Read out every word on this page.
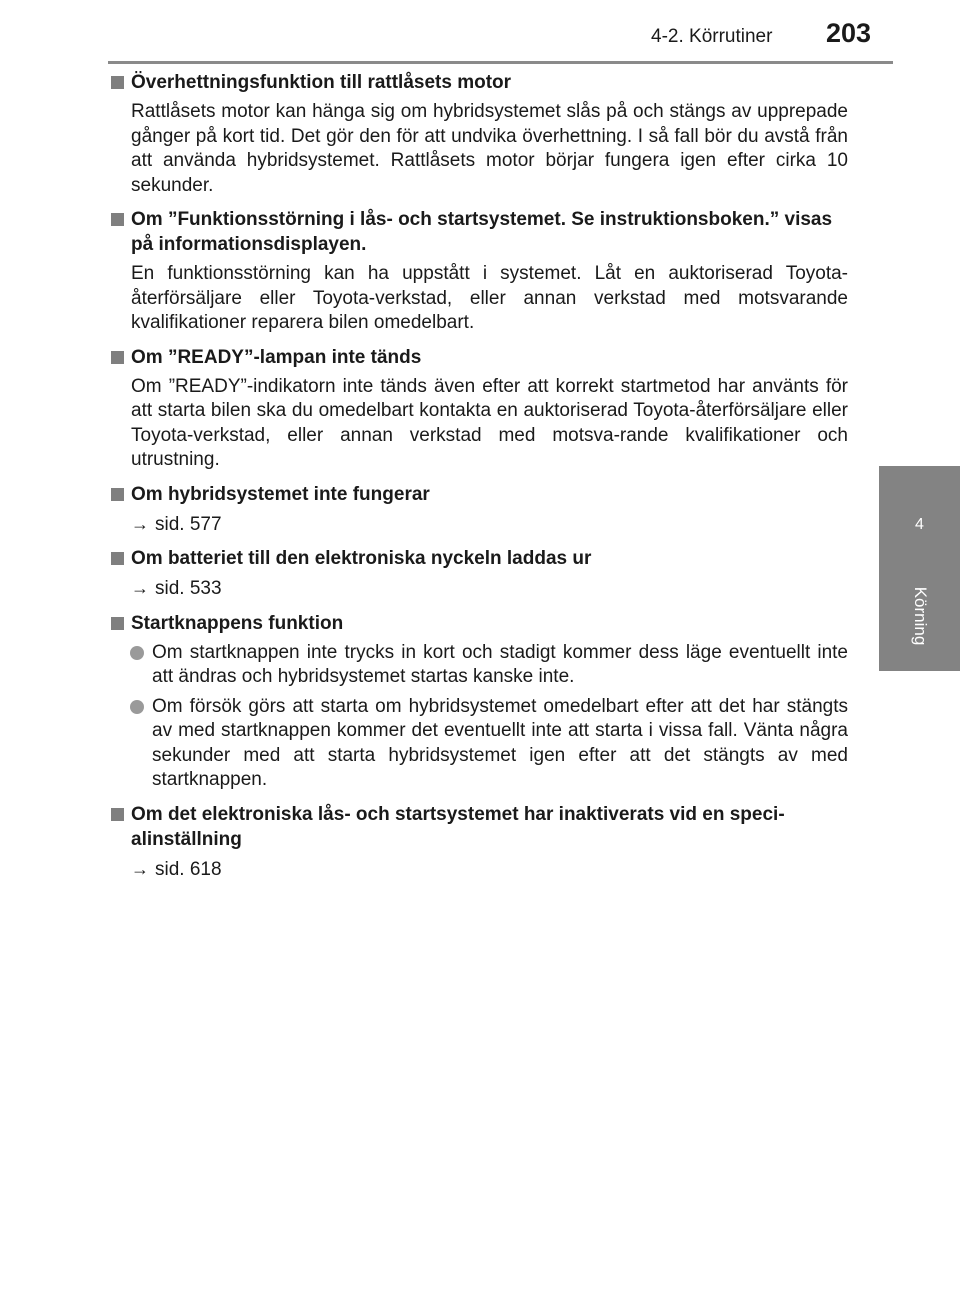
4-2. Körrutiner 203
4
Körning
Överhettningsfunktion till rattlåsets motor
Rattlåsets motor kan hänga sig om hybridsystemet slås på och stängs av upprepade gånger på kort tid. Det gör den för att undvika överhettning. I så fall bör du avstå från att använda hybridsystemet. Rattlåsets motor börjar fungera igen efter cirka 10 sekunder.
Om ”Funktionsstörning i lås- och startsystemet. Se instruktionsboken.” visas på informationsdisplayen.
En funktionsstörning kan ha uppstått i systemet. Låt en auktoriserad Toyota-återförsäljare eller Toyota-verkstad, eller annan verkstad med motsvarande kvalifikationer reparera bilen omedelbart.
Om ”READY”-lampan inte tänds
Om ”READY”-indikatorn inte tänds även efter att korrekt startmetod har använts för att starta bilen ska du omedelbart kontakta en auktoriserad Toyota-återförsäljare eller Toyota-verkstad, eller annan verkstad med motsva-rande kvalifikationer och utrustning.
Om hybridsystemet inte fungerar
→ sid. 577
Om batteriet till den elektroniska nyckeln laddas ur
→ sid. 533
Startknappens funktion
Om startknappen inte trycks in kort och stadigt kommer dess läge eventuellt inte att ändras och hybridsystemet startas kanske inte.
Om försök görs att starta om hybridsystemet omedelbart efter att det har stängts av med startknappen kommer det eventuellt inte att starta i vissa fall. Vänta några sekunder med att starta hybridsystemet igen efter att det stängts av med startknappen.
Om det elektroniska lås- och startsystemet har inaktiverats vid en speci-alinställning
→ sid. 618
